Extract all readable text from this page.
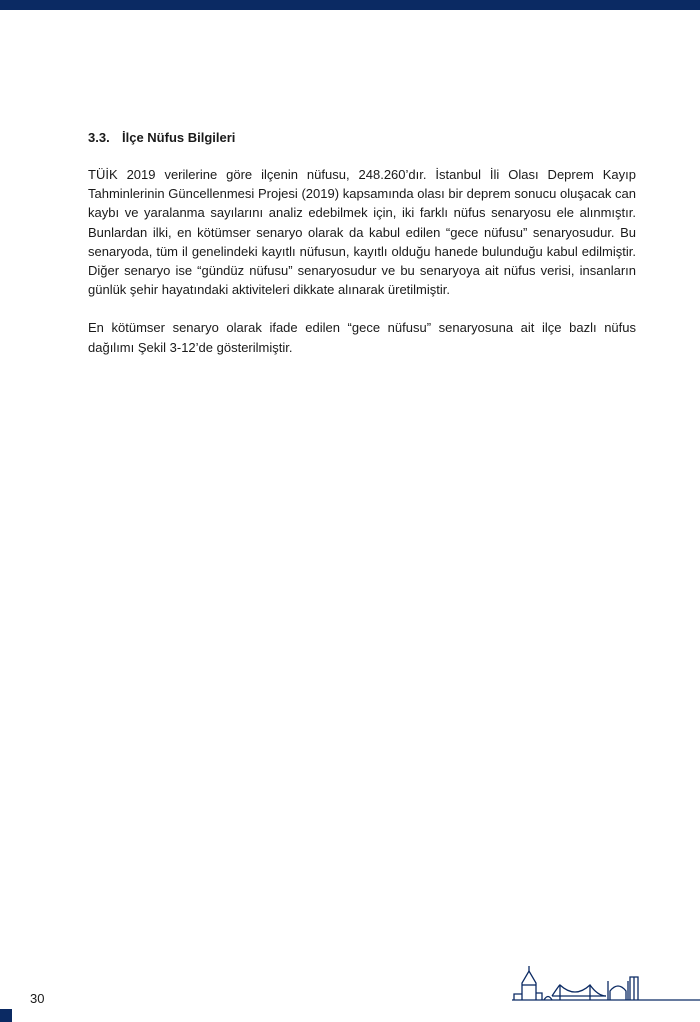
3.3. İlçe Nüfus Bilgileri

TÜİK 2019 verilerine göre ilçenin nüfusu, 248.260’dır. İstanbul İli Olası Deprem Kayıp Tahminlerinin Güncellenmesi Projesi (2019) kapsamında olası bir deprem sonucu oluşacak can kaybı ve yaralanma sayılarını analiz edebilmek için, iki farklı nüfus senaryosu ele alınmıştır. Bunlardan ilki, en kötümser senaryo olarak da kabul edilen “gece nüfusu” senaryosudur. Bu senaryoda, tüm il genelindeki kayıtlı nüfusun, kayıtlı olduğu hanede bulunduğu kabul edilmiştir. Diğer senaryo ise “gündüz nüfusu” senaryosudur ve bu senaryoya ait nüfus verisi, insanların günlük şehir hayatındaki aktiviteleri dikkate alınarak üretilmiştir.

En kötümser senaryo olarak ifade edilen “gece nüfusu” senaryosuna ait ilçe bazlı nüfus dağılımı Şekil 3-12’de gösterilmiştir.

30
